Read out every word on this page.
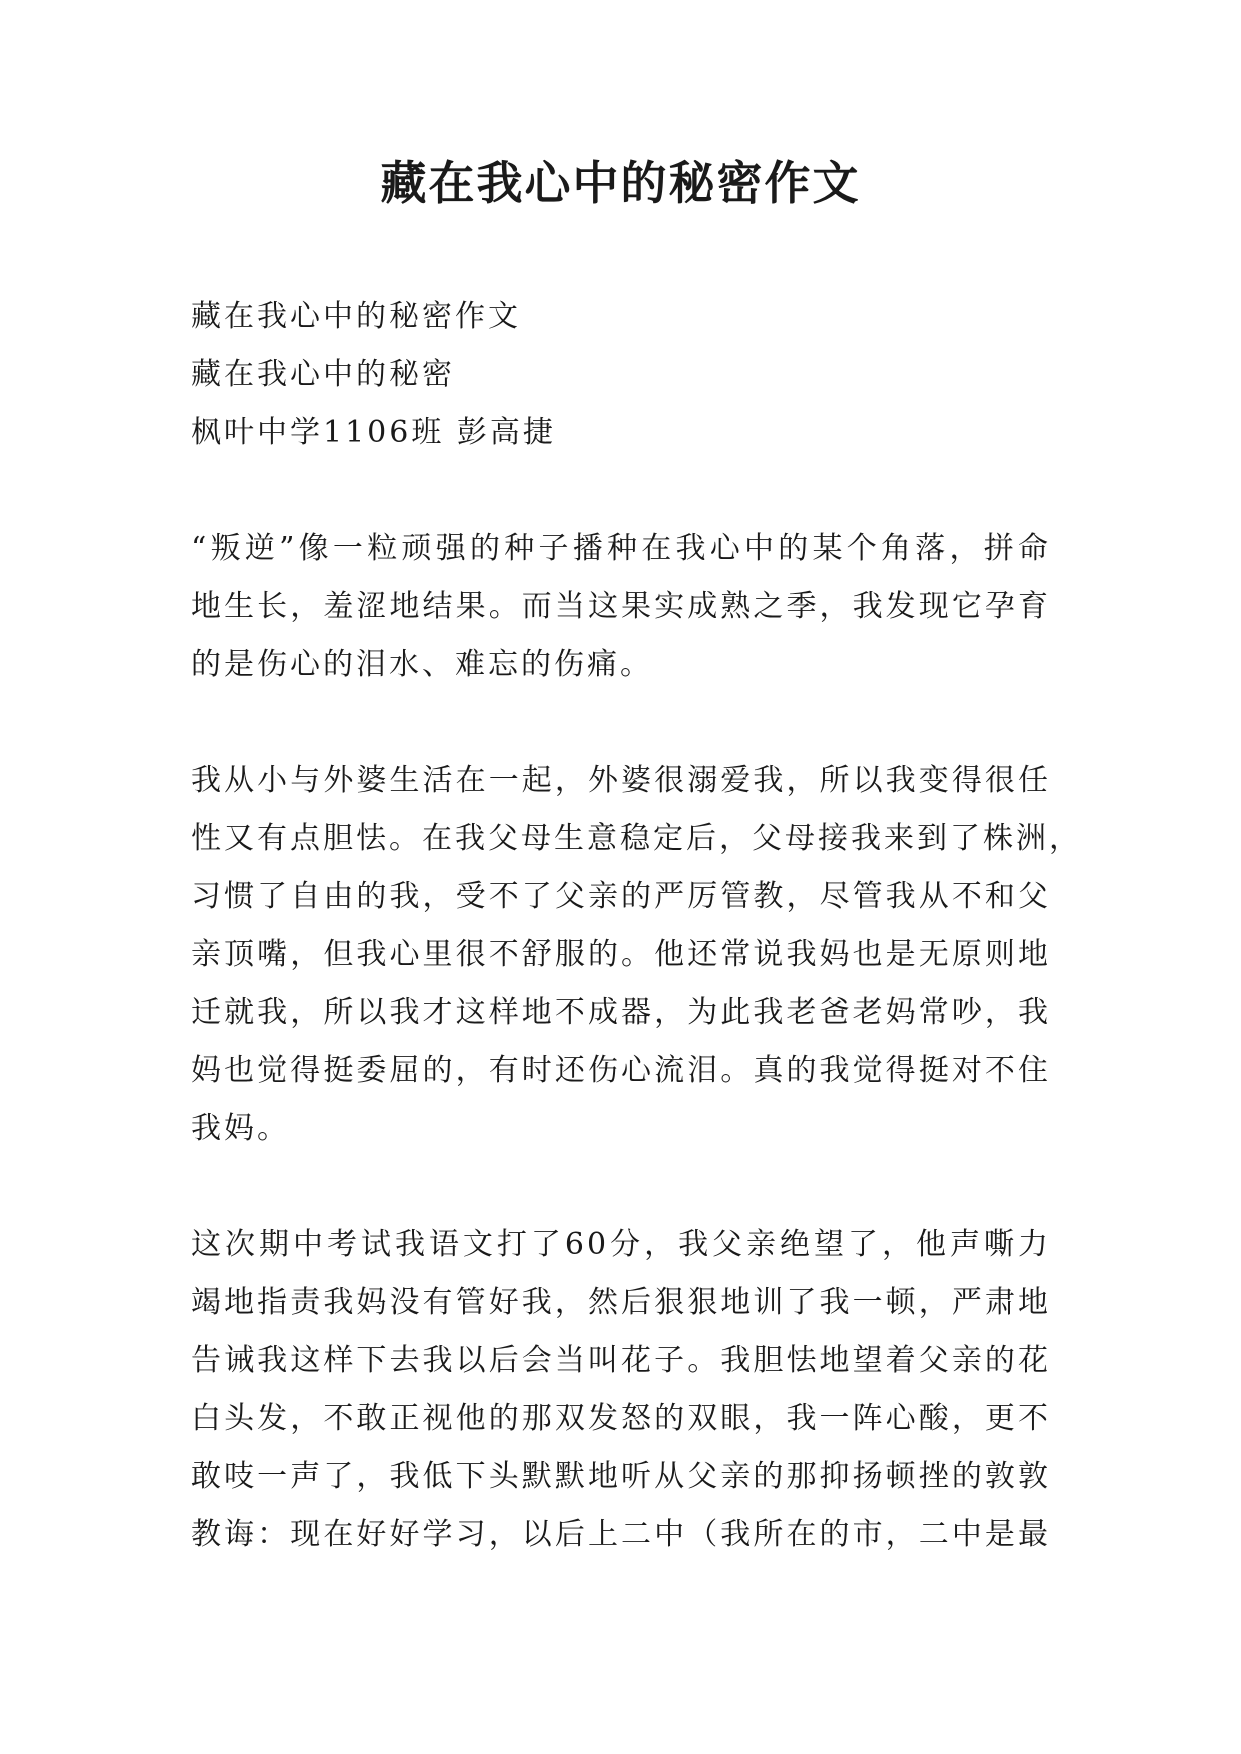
藏在我心中的秘密作文
藏在我心中的秘密作文
藏在我心中的秘密
枫叶中学1106班 彭高捷
“叛逆”像一粒顽强的种子播种在我心中的某个角落，拼命
地生长，羞涩地结果。而当这果实成熟之季，我发现它孕育
的是伤心的泪水、难忘的伤痛。
我从小与外婆生活在一起，外婆很溺爱我，所以我变得很任
性又有点胆怯。在我父母生意稳定后，父母接我来到了株洲，
习惯了自由的我，受不了父亲的严厉管教，尽管我从不和父
亲顶嘴，但我心里很不舒服的。他还常说我妈也是无原则地
迁就我，所以我才这样地不成器，为此我老爸老妈常吵，我
妈也觉得挺委屈的，有时还伤心流泪。真的我觉得挺对不住
我妈。
这次期中考试我语文打了60分，我父亲绝望了，他声嘶力
竭地指责我妈没有管好我，然后狠狠地训了我一顿，严肃地
告诫我这样下去我以后会当叫花子。我胆怯地望着父亲的花
白头发，不敢正视他的那双发怒的双眼，我一阵心酸，更不
敢吱一声了，我低下头默默地听从父亲的那抑扬顿挫的敦敦
教诲：现在好好学习，以后上二中（我所在的市，二中是最
